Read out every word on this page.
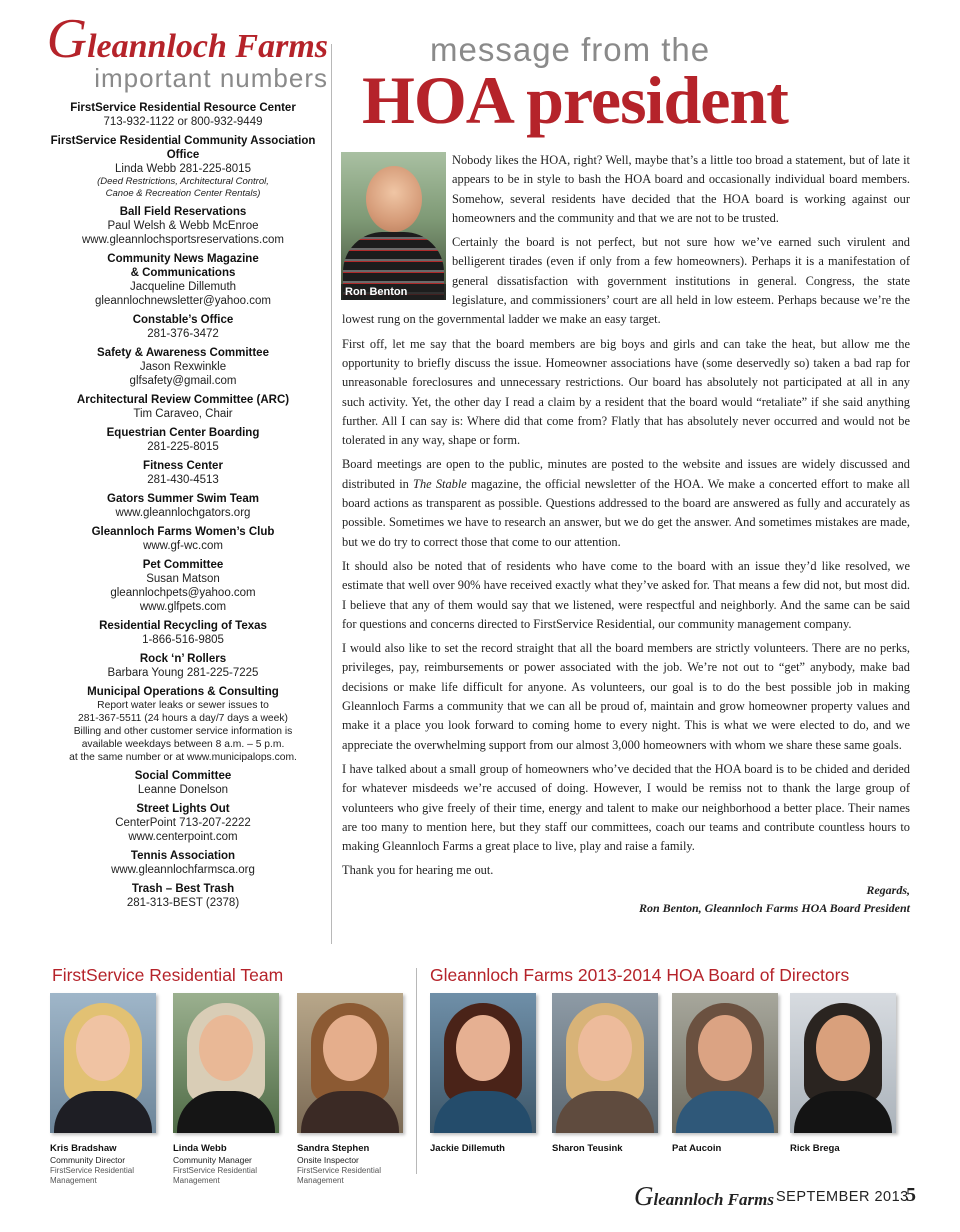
Gleannloch Farms
important numbers
FirstService Residential Resource Center
713-932-1122 or 800-932-9449
FirstService Residential Community Association Office
Linda Webb 281-225-8015
(Deed Restrictions, Architectural Control,
Canoe & Recreation Center Rentals)
Ball Field Reservations
Paul Welsh & Webb McEnroe
www.gleannlochsportsreservations.com
Community News Magazine
& Communications
Jacqueline Dillemuth
gleannlochnewsletter@yahoo.com
Constable’s Office
281-376-3472
Safety & Awareness Committee
Jason Rexwinkle
glfsafety@gmail.com
Architectural Review Committee (ARC)
Tim Caraveo, Chair
Equestrian Center Boarding
281-225-8015
Fitness Center
281-430-4513
Gators Summer Swim Team
www.gleannlochgators.org
Gleannloch Farms Women’s Club
www.gf-wc.com
Pet Committee
Susan Matson
gleannlochpets@yahoo.com
www.glfpets.com
Residential Recycling of Texas
1-866-516-9805
Rock ‘n’ Rollers
Barbara Young 281-225-7225
Municipal Operations & Consulting
Report water leaks or sewer issues to
281-367-5511 (24 hours a day/7 days a week)
Billing and other customer service information is
available weekdays between 8 a.m. – 5 p.m.
at the same number or at www.municipalops.com.
Social Committee
Leanne Donelson
Street Lights Out
CenterPoint 713-207-2222
www.centerpoint.com
Tennis Association
www.gleannlochfarmsca.org
Trash – Best Trash
281-313-BEST (2378)
message from the
HOA president
Ron Benton

Nobody likes the HOA, right? Well, maybe that’s a little too broad a statement, but of late it appears to be in style to bash the HOA board and occasionally individual board members. Somehow, several residents have decided that the HOA board is working against our homeowners and the community and that we are not to be trusted.

Certainly the board is not perfect, but not sure how we’ve earned such virulent and belligerent tirades (even if only from a few homeowners). Perhaps it is a manifestation of general dissatisfaction with government institutions in general. Congress, the state legislature, and commissioners’ court are all held in low esteem. Perhaps because we’re the lowest rung on the governmental ladder we make an easy target.

First off, let me say that the board members are big boys and girls and can take the heat, but allow me the opportunity to briefly discuss the issue. Homeowner associations have (some deservedly so) taken a bad rap for unreasonable foreclosures and unnecessary restrictions. Our board has absolutely not participated at all in any such activity. Yet, the other day I read a claim by a resident that the board would “retaliate” if she said anything further. All I can say is: Where did that come from? Flatly that has absolutely never occurred and would not be tolerated in any way, shape or form.

Board meetings are open to the public, minutes are posted to the website and issues are widely discussed and distributed in The Stable magazine, the official newsletter of the HOA. We make a concerted effort to make all board actions as transparent as possible. Questions addressed to the board are answered as fully and accurately as possible. Sometimes we have to research an answer, but we do get the answer. And sometimes mistakes are made, but we do try to correct those that come to our attention.

It should also be noted that of residents who have come to the board with an issue they’d like resolved, we estimate that well over 90% have received exactly what they’ve asked for. That means a few did not, but most did. I believe that any of them would say that we listened, were respectful and neighborly. And the same can be said for questions and concerns directed to FirstService Residential, our community management company.

I would also like to set the record straight that all the board members are strictly volunteers. There are no perks, privileges, pay, reimbursements or power associated with the job. We’re not out to “get” anybody, make bad decisions or make life difficult for anyone. As volunteers, our goal is to do the best possible job in making Gleannloch Farms a community that we can all be proud of, maintain and grow homeowner property values and make it a place you look forward to coming home to every night. This is what we were elected to do, and we appreciate the overwhelming support from our almost 3,000 homeowners with whom we share these same goals.

I have talked about a small group of homeowners who’ve decided that the HOA board is to be chided and derided for whatever misdeeds we’re accused of doing. However, I would be remiss not to thank the large group of volunteers who give freely of their time, energy and talent to make our neighborhood a better place. Their names are too many to mention here, but they staff our committees, coach our teams and contribute countless hours to making Gleannloch Farms a great place to live, play and raise a family.

Thank you for hearing me out.

Regards,
Ron Benton, Gleannloch Farms HOA Board President
FirstService Residential Team	Gleannloch Farms 2013-2014 HOA Board of Directors
Kris Bradshaw
Community Director
FirstService Residential
Management
Linda Webb
Community Manager
FirstService Residential
Management
Sandra Stephen
Onsite Inspector
FirstService Residential
Management
Jackie Dillemuth	Sharon Teusink	Pat Aucoin	Rick Brega
Gleannloch Farms SEPTEMBER 2013
5
